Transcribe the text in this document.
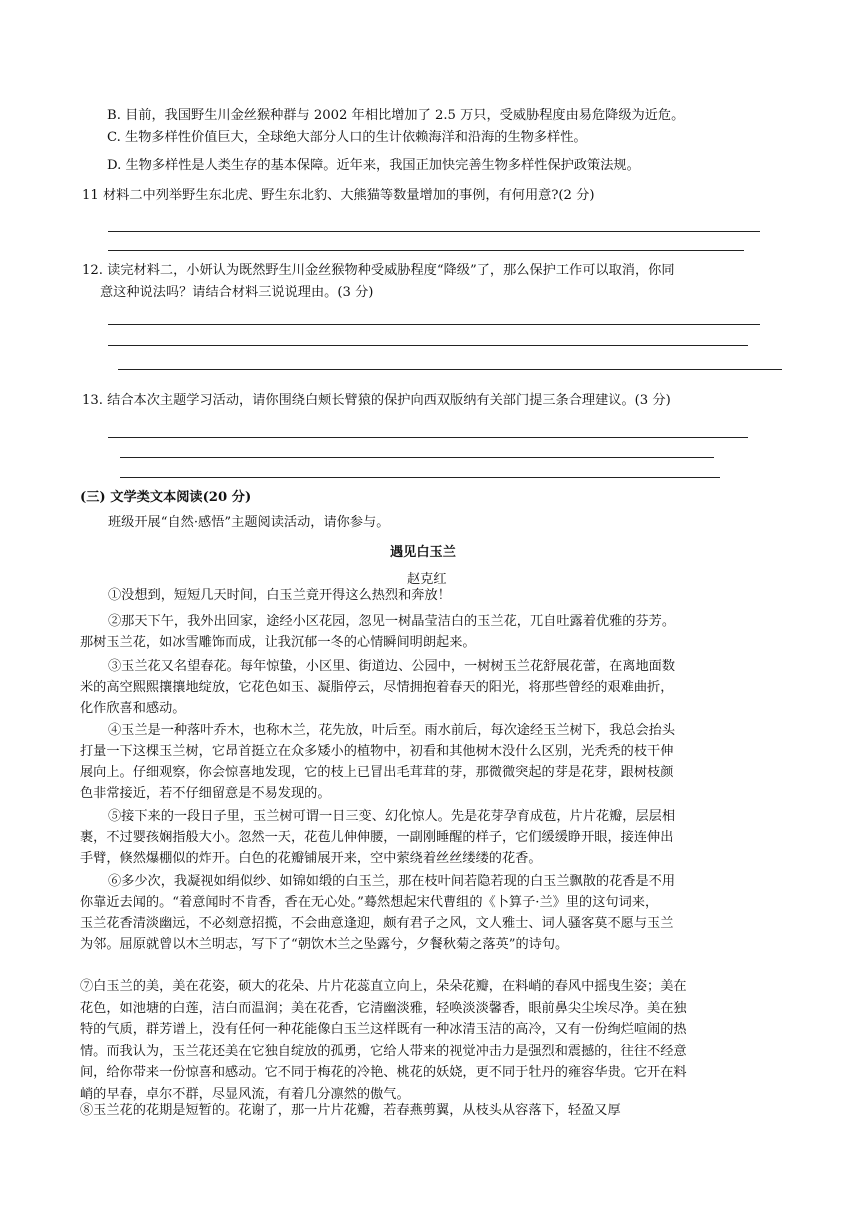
B. 目前，我国野生川金丝猴种群与 2002 年相比增加了 2.5 万只，受威胁程度由易危降级为近危。
C. 生物多样性价值巨大，全球绝大部分人口的生计依赖海洋和沿海的生物多样性。
D. 生物多样性是人类生存的基本保障。近年来，我国正加快完善生物多样性保护政策法规。
11 材料二中列举野生东北虎、野生东北豹、大熊猫等数量增加的事例，有何用意?(2 分)
12. 读完材料二，小妍认为既然野生川金丝猴物种受威胁程度“降级”了，那么保护工作可以取消，你同
意这种说法吗？请结合材料三说说理由。(3 分)
13. 结合本次主题学习活动，请你围绕白颊长臂猿的保护向西双版纳有关部门提三条合理建议。(3 分)
(三) 文学类文本阅读(20 分)
班级开展“自然·感悟”主题阅读活动，请你参与。
遇见白玉兰
赵克红
①没想到，短短几天时间，白玉兰竟开得这么热烈和奔放！
②那天下午，我外出回家，途经小区花园，忽见一树晶莹洁白的玉兰花，兀自吐露着优雅的芬芳。
那树玉兰花，如冰雪雕饰而成，让我沉郁一冬的心情瞬间明朗起来。
③玉兰花又名望春花。每年惊蛰，小区里、街道边、公园中，一树树玉兰花舒展花蕾，在离地面数
米的高空熙熙攘攘地绽放，它花色如玉、凝脂停云，尽情拥抱着春天的阳光，将那些曾经的艰难曲折，
化作欣喜和感动。
④玉兰是一种落叶乔木，也称木兰，花先放，叶后至。雨水前后，每次途经玉兰树下，我总会抬头
打量一下这棵玉兰树，它昂首挺立在众多矮小的植物中，初看和其他树木没什么区别，光秃秃的枝干伸
展向上。仔细观察，你会惊喜地发现，它的枝上已冒出毛茸茸的芽，那微微突起的芽是花芽，跟树枝颜
色非常接近，若不仔细留意是不易发现的。
⑤接下来的一段日子里，玉兰树可谓一日三变、幻化惊人。先是花芽孕育成苞，片片花瓣，层层相
裹，不过婴孩娴指般大小。忽然一天，花苞儿伸伸腰，一副刚睡醒的样子，它们缓缓睁开眼，接连伸出
手臂，倏然爆棚似的炸开。白色的花瓣铺展开来，空中萦绕着丝丝缕缕的花香。
⑥多少次，我凝视如绢似纱、如锦如缎的白玉兰，那在枝叶间若隐若现的白玉兰飘散的花香是不用
你靠近去闻的。“着意闻时不肯香，香在无心处。”蓦然想起宋代曹组的《卜算子·兰》里的这句词来，
玉兰花香清淡幽远，不必刻意招揽，不会曲意逢迎，颇有君子之风，文人雅士、词人骚客莫不愿与玉兰
为邻。屈原就曾以木兰明志，写下了“朝饮木兰之坠露兮，夕餐秋菊之落英”的诗句。
⑦白玉兰的美，美在花姿，硕大的花朵、片片花蕊直立向上，朵朵花瓣，在料峭的春风中摇曳生姿；美在
花色，如池塘的白莲，洁白而温润；美在花香，它清幽淡雅，轻唤淡淡馨香，眼前鼻尖尘埃尽净。美在独
特的气质，群芳谱上，没有任何一种花能像白玉兰这样既有一种冰清玉洁的高冷，又有一份绚烂喧闹的热
情。而我认为，玉兰花还美在它独自绽放的孤勇，它给人带来的视觉冲击力是强烈和震撼的，往往不经意
间，给你带来一份惊喜和感动。它不同于梅花的冷艳、桃花的妖娆，更不同于牡丹的雍容华贵。它开在料
峭的早春，卓尔不群，尽显风流，有着几分凛然的傲气。
⑧玉兰花的花期是短暂的。花谢了，那一片片花瓣，若春燕剪翼，从枝头从容落下，轻盈又厚
